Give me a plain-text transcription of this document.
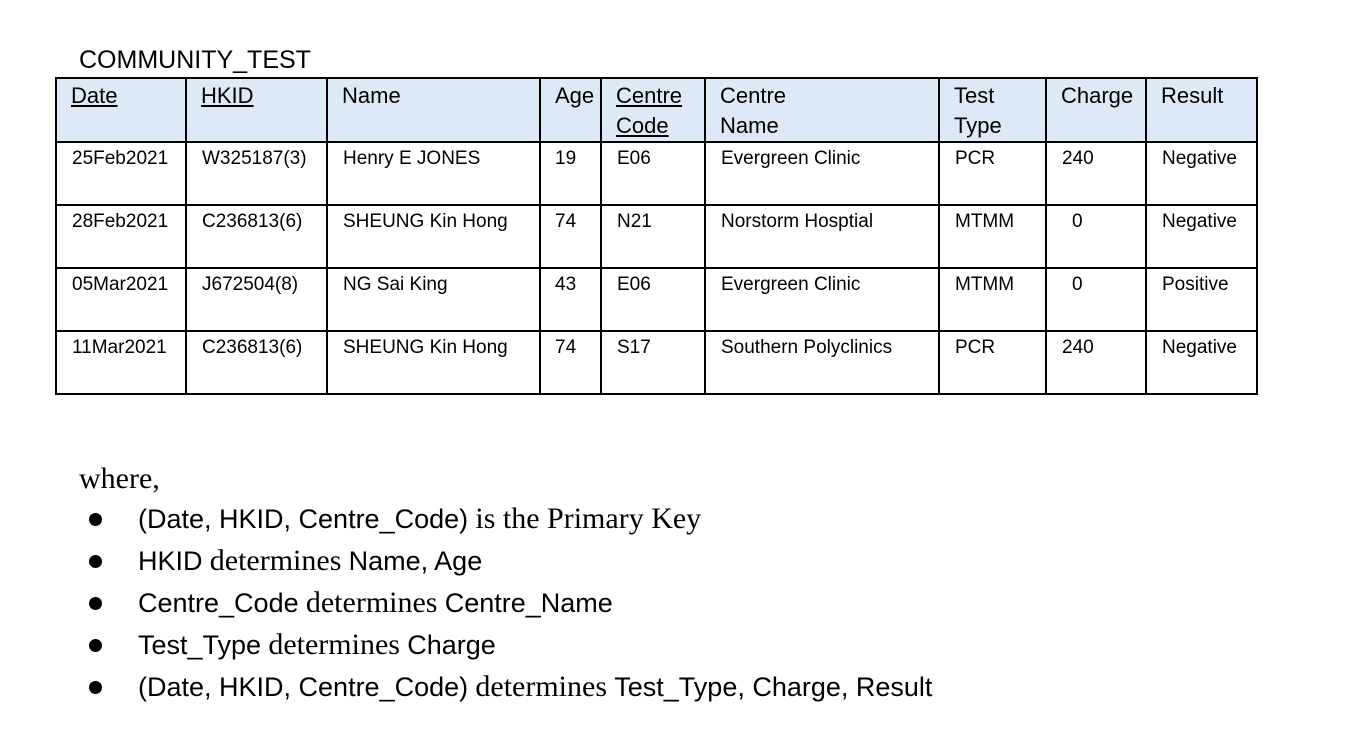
COMMUNITY_TEST
Date	HKID	Name	Age	Centre Code	Centre Name	Test Type	Charge	Result
25Feb2021	W325187(3)	Henry E JONES	19	E06	Evergreen Clinic	PCR	240	Negative
28Feb2021	C236813(6)	SHEUNG Kin Hong	74	N21	Norstorm Hosptial	MTMM	0	Negative
05Mar2021	J672504(8)	NG Sai King	43	E06	Evergreen Clinic	MTMM	0	Positive
11Mar2021	C236813(6)	SHEUNG Kin Hong	74	S17	Southern Polyclinics	PCR	240	Negative

where,

(Date, HKID, Centre_Code) is the Primary Key
HKID determines Name, Age
Centre_Code determines Centre_Name
Test_Type determines Charge
(Date, HKID, Centre_Code) determines Test_Type, Charge, Result
